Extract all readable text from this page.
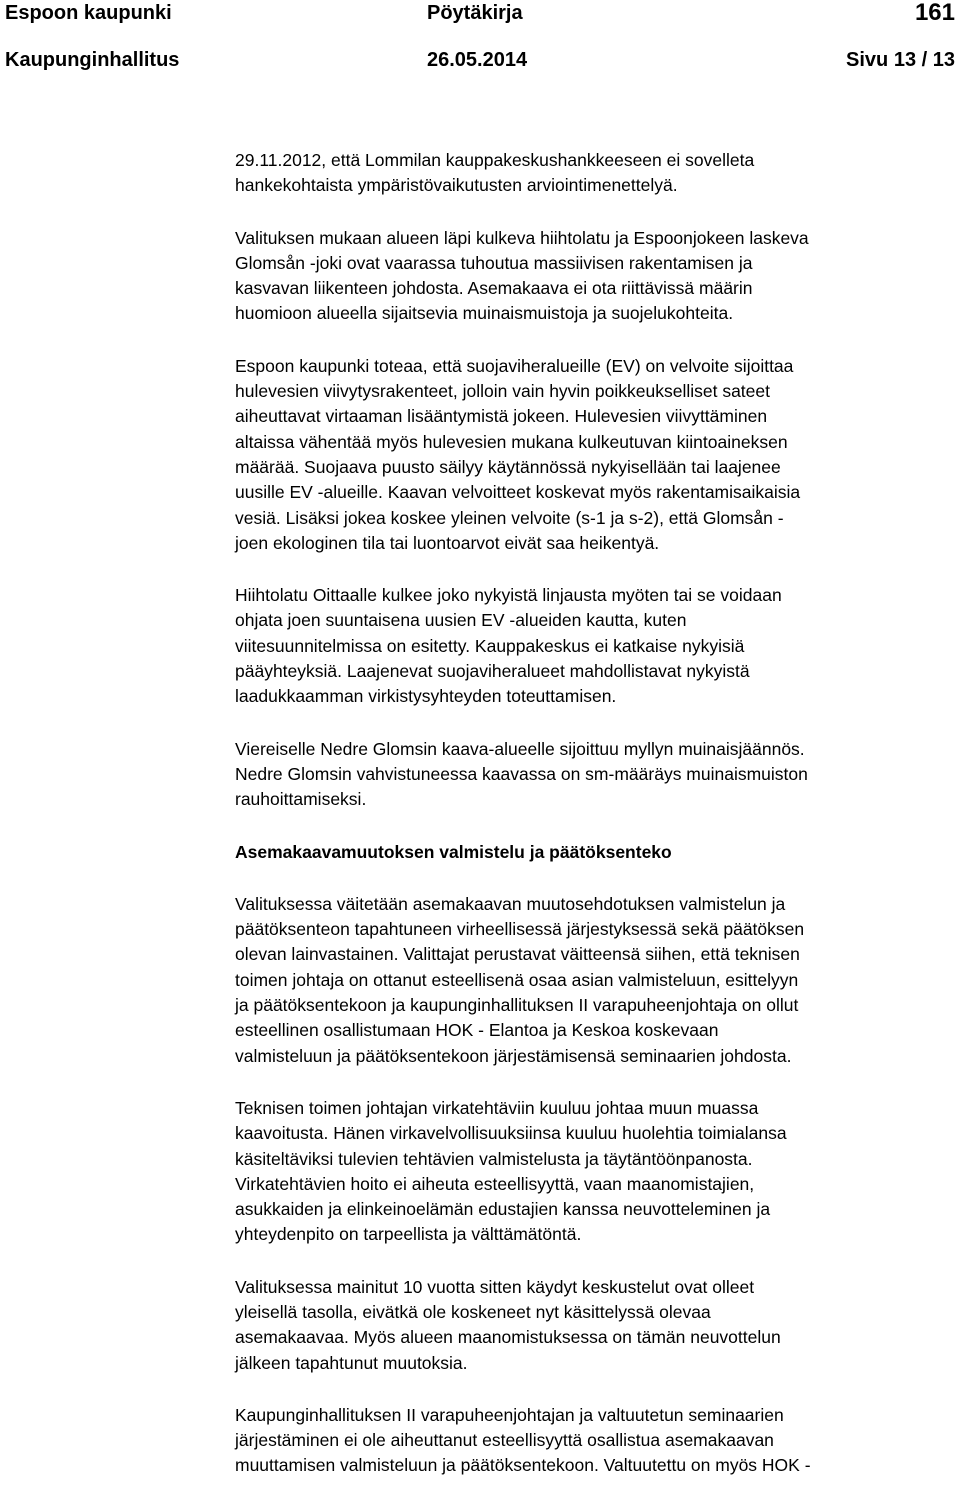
Espoon kaupunki	Pöytäkirja	161
Kaupunginhallitus	26.05.2014	Sivu 13 / 13

29.11.2012, että Lommilan kauppakeskushankkeeseen ei sovelleta
hankekohtaista ympäristövaikutusten arviointimenettelyä.

Valituksen mukaan alueen läpi kulkeva hiihtolatu ja Espoonjokeen laskeva
Glomsån -joki ovat vaarassa tuhoutua massiivisen rakentamisen ja
kasvavan liikenteen johdosta. Asemakaava ei ota riittävissä määrin
huomioon alueella sijaitsevia muinaismuistoja ja suojelukohteita.

Espoon kaupunki toteaa, että suojaviheralueille (EV) on velvoite sijoittaa
hulevesien viivytysrakenteet, jolloin vain hyvin poikkeukselliset sateet
aiheuttavat virtaaman lisääntymistä jokeen. Hulevesien viivyttäminen
altaissa vähentää myös hulevesien mukana kulkeutuvan kiintoaineksen
määrää. Suojaava puusto säilyy käytännössä nykyisellään tai laajenee
uusille EV -alueille. Kaavan velvoitteet koskevat myös rakentamisaikaisia
vesiä. Lisäksi jokea koskee yleinen velvoite (s-1 ja s-2), että Glomsån -
joen ekologinen tila tai luontoarvot eivät saa heikentyä.

Hiihtolatu Oittaalle kulkee joko nykyistä linjausta myöten tai se voidaan
ohjata joen suuntaisena uusien EV -alueiden kautta, kuten
viitesuunnitelmissa on esitetty. Kauppakeskus ei katkaise nykyisiä
pääyhteyksiä. Laajenevat suojaviheralueet mahdollistavat nykyistä
laadukkaamman virkistysyhteyden toteuttamisen.

Viereiselle Nedre Glomsin kaava-alueelle sijoittuu myllyn muinaisjäännös.
Nedre Glomsin vahvistuneessa kaavassa on sm-määräys muinaismuiston
rauhoittamiseksi.

Asemakaavamuutoksen valmistelu ja päätöksenteko

Valituksessa väitetään asemakaavan muutosehdotuksen valmistelun ja
päätöksenteon tapahtuneen virheellisessä järjestyksessä sekä päätöksen
olevan lainvastainen. Valittajat perustavat väitteensä siihen, että teknisen
toimen johtaja on ottanut esteellisenä osaa asian valmisteluun, esittelyyn
ja päätöksentekoon ja kaupunginhallituksen II varapuheenjohtaja on ollut
esteellinen osallistumaan HOK - Elantoa ja Keskoa koskevaan
valmisteluun ja päätöksentekoon järjestämisensä seminaarien johdosta.

Teknisen toimen johtajan virkatehtäviin kuuluu johtaa muun muassa
kaavoitusta. Hänen virkavelvollisuuksiinsa kuuluu huolehtia toimialansa
käsiteltäviksi tulevien tehtävien valmistelusta ja täytäntöönpanosta.
Virkatehtävien hoito ei aiheuta esteellisyyttä, vaan maanomistajien,
asukkaiden ja elinkeinoelämän edustajien kanssa neuvotteleminen ja
yhteydenpito on tarpeellista ja välttämätöntä.

Valituksessa mainitut 10 vuotta sitten käydyt keskustelut ovat olleet
yleisellä tasolla, eivätkä ole koskeneet nyt käsittelyssä olevaa
asemakaavaa. Myös alueen maanomistuksessa on tämän neuvottelun
jälkeen tapahtunut muutoksia.

Kaupunginhallituksen II varapuheenjohtajan ja valtuutetun seminaarien
järjestäminen ei ole aiheuttanut esteellisyyttä osallistua asemakaavan
muuttamisen valmisteluun ja päätöksentekoon. Valtuutettu on myös HOK -
